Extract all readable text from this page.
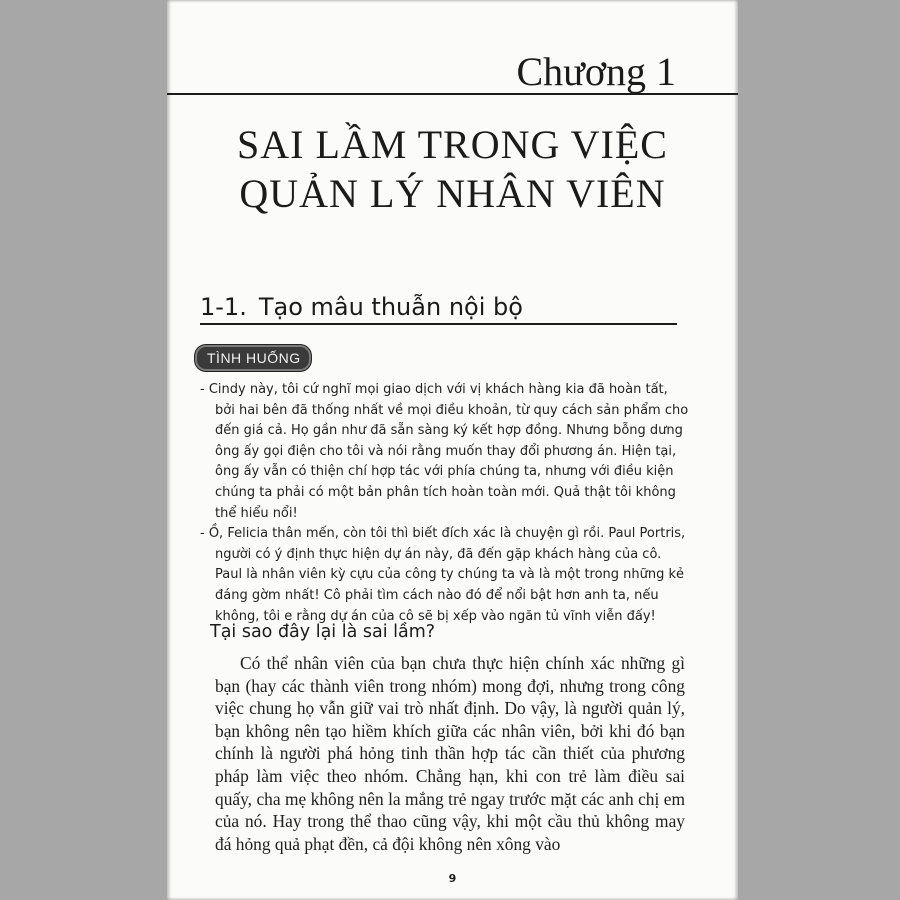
Chương 1
SAI LẦM TRONG VIỆC
QUẢN LÝ NHÂN VIÊN
1-1. Tạo mâu thuẫn nội bộ
TÌNH HUỐNG

- Cindy này, tôi cứ nghĩ mọi giao dịch với vị khách hàng kia đã hoàn tất, bởi hai bên đã thống nhất về mọi điều khoản, từ quy cách sản phẩm cho đến giá cả. Họ gần như đã sẵn sàng ký kết hợp đồng. Nhưng bỗng dưng ông ấy gọi điện cho tôi và nói rằng muốn thay đổi phương án. Hiện tại, ông ấy vẫn có thiện chí hợp tác với phía chúng ta, nhưng với điều kiện chúng ta phải có một bản phân tích hoàn toàn mới. Quả thật tôi không thể hiểu nổi!

- Ồ, Felicia thân mến, còn tôi thì biết đích xác là chuyện gì rồi. Paul Portris, người có ý định thực hiện dự án này, đã đến gặp khách hàng của cô. Paul là nhân viên kỳ cựu của công ty chúng ta và là một trong những kẻ đáng gờm nhất! Cô phải tìm cách nào đó để nổi bật hơn anh ta, nếu không, tôi e rằng dự án của cô sẽ bị xếp vào ngăn tủ vĩnh viễn đấy!

Tại sao đây lại là sai lầm?

Có thể nhân viên của bạn chưa thực hiện chính xác những gì bạn (hay các thành viên trong nhóm) mong đợi, nhưng trong công việc chung họ vẫn giữ vai trò nhất định. Do vậy, là người quản lý, bạn không nên tạo hiềm khích giữa các nhân viên, bởi khi đó bạn chính là người phá hỏng tinh thần hợp tác cần thiết của phương pháp làm việc theo nhóm. Chẳng hạn, khi con trẻ làm điều sai quấy, cha mẹ không nên la mắng trẻ ngay trước mặt các anh chị em của nó. Hay trong thể thao cũng vậy, khi một cầu thủ không may đá hỏng quả phạt đền, cả đội không nên xông vào

9
